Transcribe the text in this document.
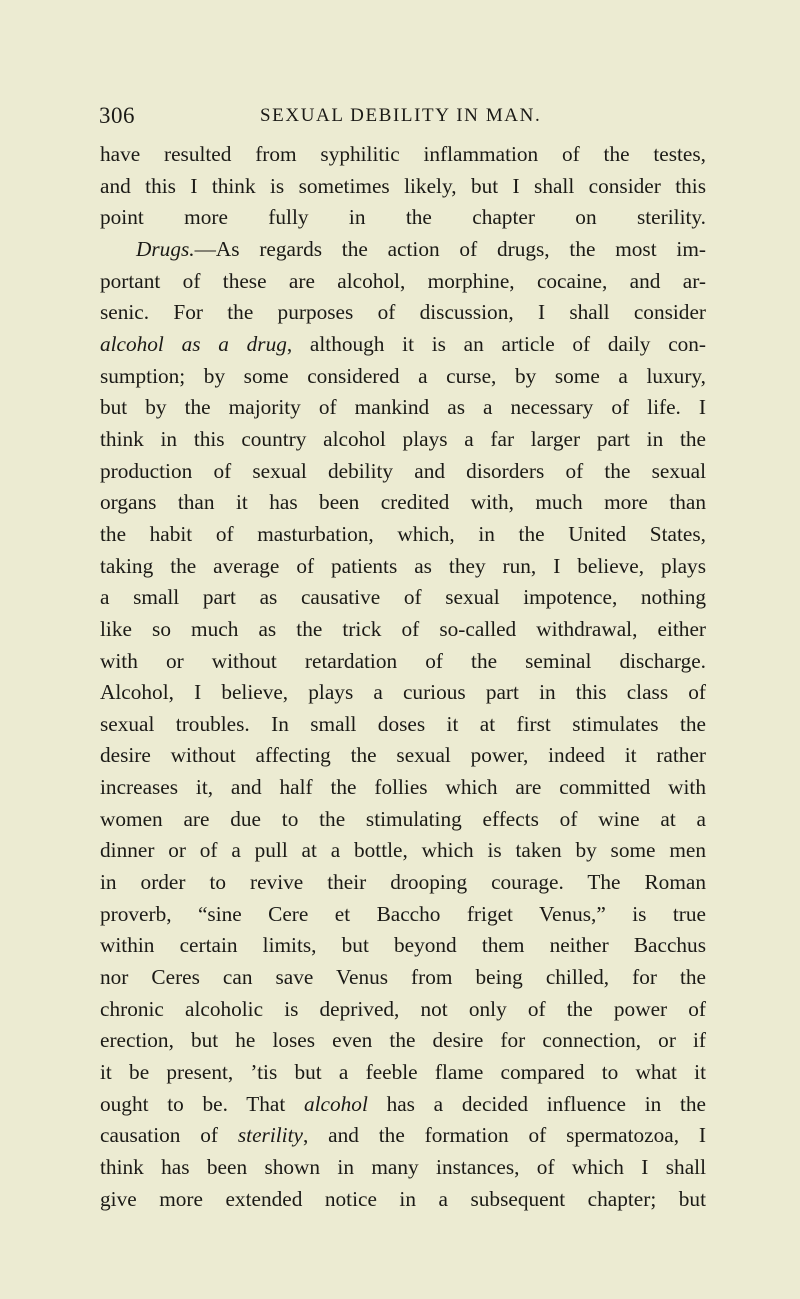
306	SEXUAL DEBILITY IN MAN.
have resulted from syphilitic inflammation of the testes,
and this I think is sometimes likely, but I shall consider this
point more fully in the chapter on sterility.
Drugs.—As regards the action of drugs, the most im-
portant of these are alcohol, morphine, cocaine, and ar-
senic. For the purposes of discussion, I shall consider
alcohol as a drug, although it is an article of daily con-
sumption; by some considered a curse, by some a luxury,
but by the majority of mankind as a necessary of life. I
think in this country alcohol plays a far larger part in the
production of sexual debility and disorders of the sexual
organs than it has been credited with, much more than
the habit of masturbation, which, in the United States,
taking the average of patients as they run, I believe, plays
a small part as causative of sexual impotence, nothing
like so much as the trick of so-called withdrawal, either
with or without retardation of the seminal discharge.
Alcohol, I believe, plays a curious part in this class of
sexual troubles. In small doses it at first stimulates the
desire without affecting the sexual power, indeed it rather
increases it, and half the follies which are committed with
women are due to the stimulating effects of wine at a
dinner or of a pull at a bottle, which is taken by some men
in order to revive their drooping courage. The Roman
proverb, “sine Cere et Baccho friget Venus,” is true
within certain limits, but beyond them neither Bacchus
nor Ceres can save Venus from being chilled, for the
chronic alcoholic is deprived, not only of the power of
erection, but he loses even the desire for connection, or if
it be present, ’tis but a feeble flame compared to what it
ought to be. That alcohol has a decided influence in the
causation of sterility, and the formation of spermatozoa, I
think has been shown in many instances, of which I shall
give more extended notice in a subsequent chapter; but
